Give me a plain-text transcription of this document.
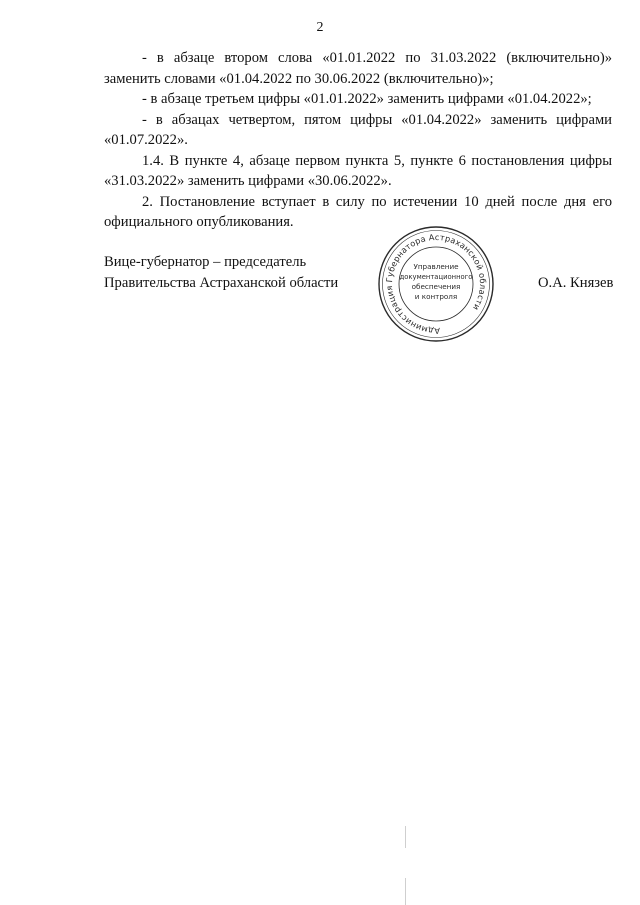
2

- в абзаце втором слова «01.01.2022 по 31.03.2022 (включительно)» заменить словами «01.04.2022 по 30.06.2022 (включительно)»;

- в абзаце третьем цифры «01.01.2022» заменить цифрами «01.04.2022»;

- в абзацах четвертом, пятом цифры «01.04.2022» заменить цифрами «01.07.2022».

1.4. В пункте 4, абзаце первом пункта 5, пункте 6 постановления цифры «31.03.2022» заменить цифрами «30.06.2022».

2. Постановление вступает в силу по истечении 10 дней после дня его официального опубликования.

Вице-губернатор – председатель
Правительства Астраханской области	О.А. Князев
Администрация Губернатора Астраханской области
Управление
документационного
обеспечения
и контроля
